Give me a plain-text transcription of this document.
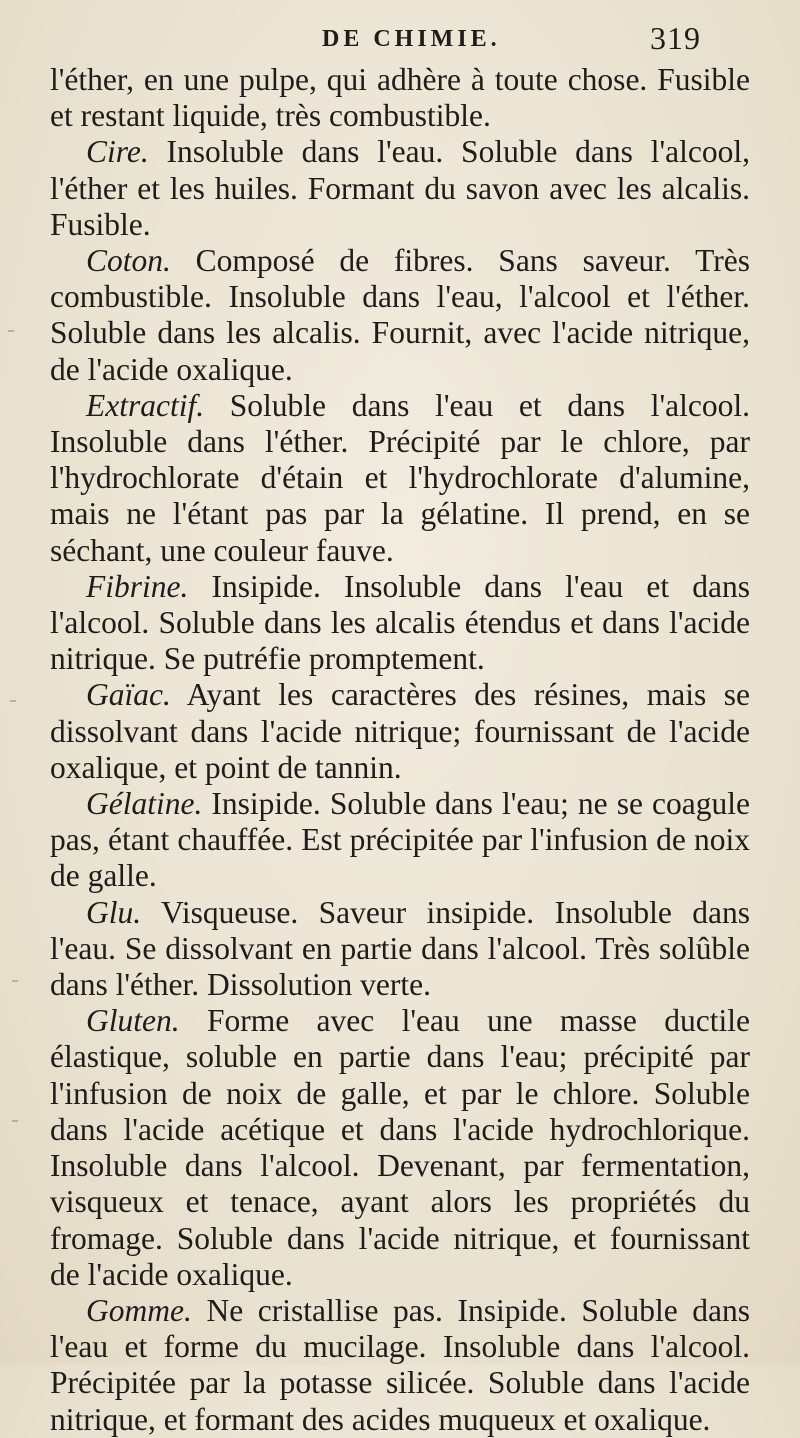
DE CHIMIE.	319

l'éther, en une pulpe, qui adhère à toute chose. Fusible et restant liquide, très combustible.

Cire. Insoluble dans l'eau. Soluble dans l'alcool, l'éther et les huiles. Formant du savon avec les alcalis. Fusible.

Coton. Composé de fibres. Sans saveur. Très combustible. Insoluble dans l'eau, l'alcool et l'éther. Soluble dans les alcalis. Fournit, avec l'acide nitrique, de l'acide oxalique.

Extractif. Soluble dans l'eau et dans l'alcool. Insoluble dans l'éther. Précipité par le chlore, par l'hydrochlorate d'étain et l'hydrochlorate d'alumine, mais ne l'étant pas par la gélatine. Il prend, en se séchant, une couleur fauve.

Fibrine. Insipide. Insoluble dans l'eau et dans l'alcool. Soluble dans les alcalis étendus et dans l'acide nitrique. Se putréfie promptement.

Gaïac. Ayant les caractères des résines, mais se dissolvant dans l'acide nitrique; fournissant de l'acide oxalique, et point de tannin.

Gélatine. Insipide. Soluble dans l'eau; ne se coagule pas, étant chauffée. Est précipitée par l'infusion de noix de galle.

Glu. Visqueuse. Saveur insipide. Insoluble dans l'eau. Se dissolvant en partie dans l'alcool. Très solûble dans l'éther. Dissolution verte.

Gluten. Forme avec l'eau une masse ductile élastique, soluble en partie dans l'eau; précipité par l'infusion de noix de galle, et par le chlore. Soluble dans l'acide acétique et dans l'acide hydrochlorique. Insoluble dans l'alcool. Devenant, par fermentation, visqueux et tenace, ayant alors les propriétés du fromage. Soluble dans l'acide nitrique, et fournissant de l'acide oxalique.

Gomme. Ne cristallise pas. Insipide. Soluble dans l'eau et forme du mucilage. Insoluble dans l'alcool. Précipitée par la potasse silicée. Soluble dans l'acide nitrique, et formant des acides muqueux et oxalique.
